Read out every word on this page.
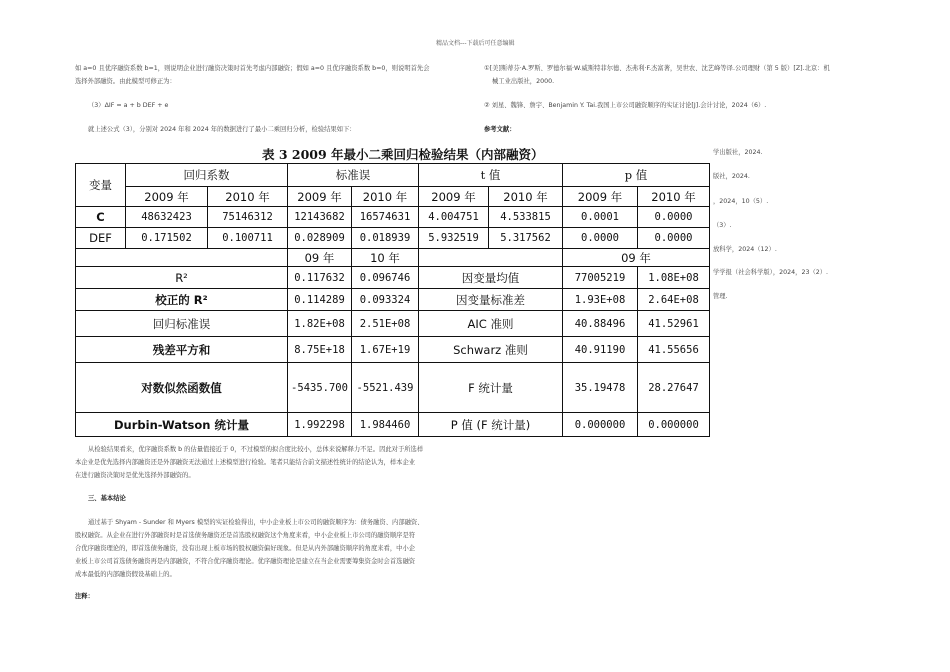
精品文档---下载后可任意编辑
如 a=0 且优序融资系数 b=1，则说明企业进行融资决策时首先考虑内部融资；假如 a=0 且优序融资系数 b=0，则说明首先会
选择外部融资。由此模型可修正为：
（3）ΔIF = a + b DEF + e
就上述公式（3），分别对 2024 年和 2024 年的数据进行了最小二乘回归分析，检验结果如下：
①[美]斯蒂芬·A.罗斯、罗德尔福·W.威斯特菲尔德、杰弗利·F.杰富著，吴世农、沈艺峰等译.公司理财（第 5 版）[Z].北京：机
械工业出版社，2000.
② 刘星、魏锋、詹宇、Benjamin Y. Tai.我国上市公司融资顺序的实证讨论[J].会计讨论，2024（6）.
参考文献：
学出版社，2024.
版社，2024.
，2024，10（5）.
（3）.
放科学，2024（12）.
学学报（社会科学版），2024，23（2）.
管理.
表 3 2009 年最小二乘回归检验结果（内部融资）
变量	回归系数		标准误		t 值		p 值	
	2009 年	2010 年	2009 年	2010 年	2009 年	2010 年	2009 年	2010 年
C	48632423	75146312	12143682	16574631	4.004751	4.533815	0.0001	0.0000
DEF	0.171502	0.100711	0.028909	0.018939	5.932519	5.317562	0.0000	0.0000
			09 年	10 年			09 年	
R²			0.117632	0.096746	因变量均值		77005219	1.08E+08
校正的 R²			0.114289	0.093324	因变量标准差		1.93E+08	2.64E+08
回归标准误			1.82E+08	2.51E+08	AIC 准则		40.88496	41.52961
残差平方和			8.75E+18	1.67E+19	Schwarz 准则		40.91190	41.55656
对数似然函数值			-5435.700	-5521.439	F 统计量		35.19478	28.27647
Durbin-Watson 统计量			1.992298	1.984460	P 值 (F 统计量)		0.000000	0.000000
从检验结果看来，优序融资系数 b 的估量值接近于 0，不过模型的拟合度比较小，总体来说解释力不足。因此对于所选样
本企业是优先选择内部融资还是外部融资无法通过上述模型进行检验。笔者只能结合前文描述性统计的结论认为，样本企业
在进行融资决策时是优先选择外部融资的。
三、基本结论
通过基于 Shyam - Sunder 和 Myers 模型的实证检验得出，中小企业板上市公司的融资顺序为：债务融资、内部融资、
股权融资。从企业在进行外部融资时是首选债务融资还是首选股权融资这个角度来看，中小企业板上市公司的融资顺序是符
合优序融资理论的，即首选债务融资，没有出现上板市场的股权融资偏好现象。但是从内外部融资顺序的角度来看，中小企
业板上市公司首选债务融资再是内部融资，不符合优序融资理论。优序融资理论是建立在当企业需要筹集资金时会首选融资
成本最低的内部融资假设基础上的。
注释：
